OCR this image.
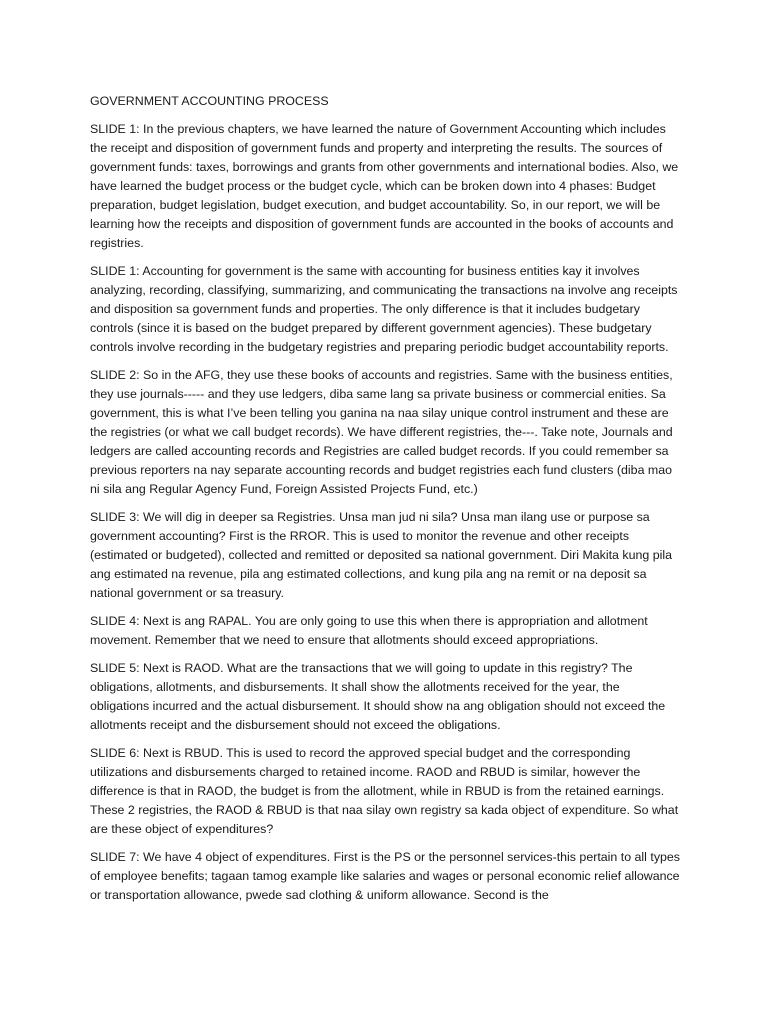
GOVERNMENT ACCOUNTING PROCESS

SLIDE 1: In the previous chapters, we have learned the nature of Government Accounting which includes the receipt and disposition of government funds and property and interpreting the results. The sources of government funds: taxes, borrowings and grants from other governments and international bodies. Also, we have learned the budget process or the budget cycle, which can be broken down into 4 phases: Budget preparation, budget legislation, budget execution, and budget accountability. So, in our report, we will be learning how the receipts and disposition of government funds are accounted in the books of accounts and registries.

SLIDE 1: Accounting for government is the same with accounting for business entities kay it involves analyzing, recording, classifying, summarizing, and communicating the transactions na involve ang receipts and disposition sa government funds and properties. The only difference is that it includes budgetary controls (since it is based on the budget prepared by different government agencies). These budgetary controls involve recording in the budgetary registries and preparing periodic budget accountability reports.

SLIDE 2: So in the AFG, they use these books of accounts and registries. Same with the business entities, they use journals----- and they use ledgers, diba same lang sa private business or commercial enities. Sa government, this is what I’ve been telling you ganina na naa silay unique control instrument and these are the registries (or what we call budget records). We have different registries, the---. Take note, Journals and ledgers are called accounting records and Registries are called budget records. If you could remember sa previous reporters na nay separate accounting records and budget registries each fund clusters (diba mao ni sila ang Regular Agency Fund, Foreign Assisted Projects Fund, etc.)

SLIDE 3: We will dig in deeper sa Registries. Unsa man jud ni sila? Unsa man ilang use or purpose sa government accounting? First is the RROR. This is used to monitor the revenue and other receipts (estimated or budgeted), collected and remitted or deposited sa national government. Diri Makita kung pila ang estimated na revenue, pila ang estimated collections, and kung pila ang na remit or na deposit sa national government or sa treasury.

SLIDE 4: Next is ang RAPAL. You are only going to use this when there is appropriation and allotment movement. Remember that we need to ensure that allotments should exceed appropriations.

SLIDE 5: Next is RAOD. What are the transactions that we will going to update in this registry? The obligations, allotments, and disbursements. It shall show the allotments received for the year, the obligations incurred and the actual disbursement. It should show na ang obligation should not exceed the allotments receipt and the disbursement should not exceed the obligations.

SLIDE 6: Next is RBUD. This is used to record the approved special budget and the corresponding utilizations and disbursements charged to retained income. RAOD and RBUD is similar, however the difference is that in RAOD, the budget is from the allotment, while in RBUD is from the retained earnings. These 2 registries, the RAOD & RBUD is that naa silay own registry sa kada object of expenditure. So what are these object of expenditures?

SLIDE 7: We have 4 object of expenditures. First is the PS or the personnel services-this pertain to all types of employee benefits; tagaan tamog example like salaries and wages or personal economic relief allowance or transportation allowance, pwede sad clothing & uniform allowance. Second is the
